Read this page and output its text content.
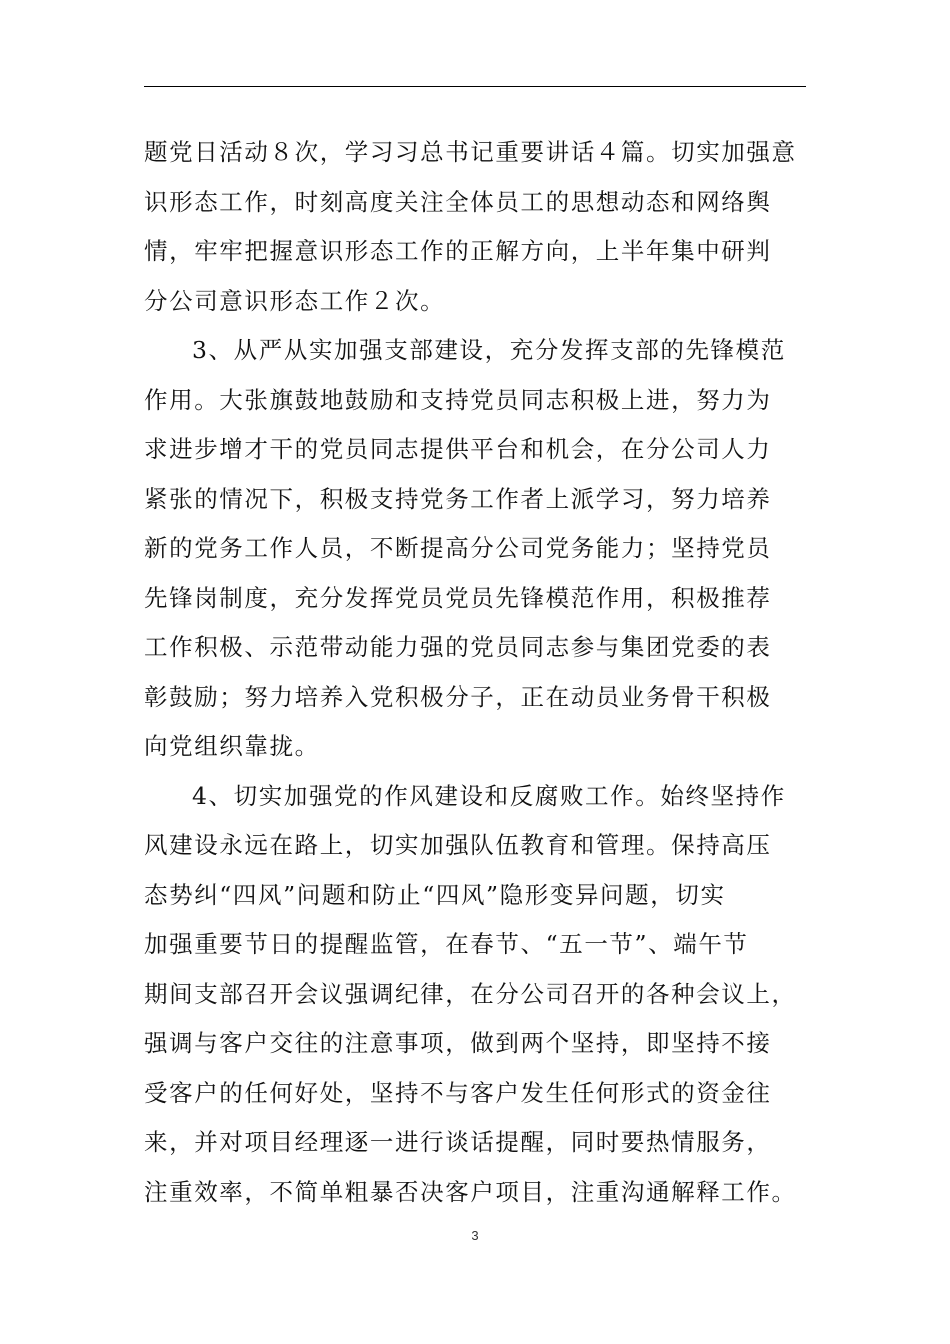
题党日活动８次，学习习总书记重要讲话４篇。切实加强意
识形态工作，时刻高度关注全体员工的思想动态和网络舆
情，牢牢把握意识形态工作的正解方向，上半年集中研判
分公司意识形态工作２次。
3、从严从实加强支部建设，充分发挥支部的先锋模范
作用。大张旗鼓地鼓励和支持党员同志积极上进，努力为
求进步增才干的党员同志提供平台和机会，在分公司人力
紧张的情况下，积极支持党务工作者上派学习，努力培养
新的党务工作人员，不断提高分公司党务能力；坚持党员
先锋岗制度，充分发挥党员党员先锋模范作用，积极推荐
工作积极、示范带动能力强的党员同志参与集团党委的表
彰鼓励；努力培养入党积极分子，正在动员业务骨干积极
向党组织靠拢。
4、切实加强党的作风建设和反腐败工作。始终坚持作
风建设永远在路上，切实加强队伍教育和管理。保持高压
态势纠“四风”问题和防止“四风”隐形变异问题，切实
加强重要节日的提醒监管，在春节、“五一节”、端午节
期间支部召开会议强调纪律，在分公司召开的各种会议上，
强调与客户交往的注意事项，做到两个坚持，即坚持不接
受客户的任何好处，坚持不与客户发生任何形式的资金往
来，并对项目经理逐一进行谈话提醒，同时要热情服务，
注重效率，不简单粗暴否决客户项目，注重沟通解释工作。
3
